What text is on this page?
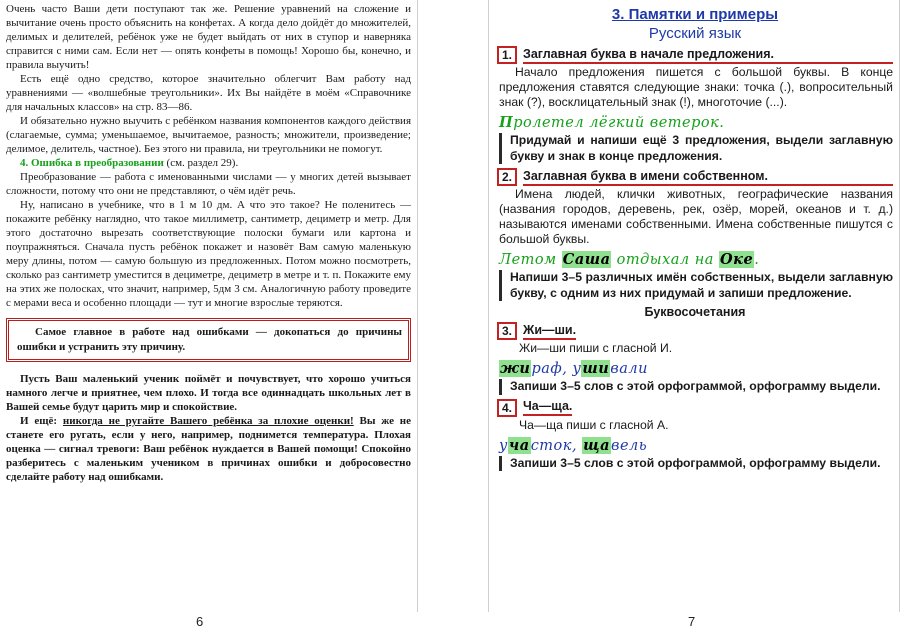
Очень часто Ваши дети поступают так же. Решение уравнений на сложение и вычитание очень просто объяснить на конфетах. А когда дело дойдёт до множителей, делимых и делителей, ребёнок уже не будет выйдать от них в ступор и наверняка справится с ними сам. Если нет — опять конфеты в помощь! Хорошо бы, конечно, и правила выучить!

Есть ещё одно средство, которое значительно облегчит Вам работу над уравнениями — «волшебные треугольники». Их Вы найдёте в моём «Справочнике для начальных классов» на стр. 83—86.

И обязательно нужно выучить с ребёнком названия компонентов каждого действия (слагаемые, сумма; уменьшаемое, вычитаемое, разность; множители, произведение; делимое, делитель, частное). Без этого ни правила, ни треугольники не помогут.

4. Ошибка в преобразовании (см. раздел 29).

Преобразование — работа с именованными числами — у многих детей вызывает сложности, потому что они не представляют, о чём идёт речь.

Ну, написано в учебнике, что в 1 м 10 дм. А что это такое? Не поленитесь — покажите ребёнку наглядно, что такое миллиметр, сантиметр, дециметр и метр. Для этого достаточно вырезать соответствующие полоски бумаги или картона и поупражняться. Сначала пусть ребёнок покажет и назовёт Вам самую маленькую меру длины, потом — самую большую из предложенных. Потом можно посмотреть, сколько раз сантиметр уместится в дециметре, дециметр в метре и т. п. Покажите ему на этих же полосках, что значит, например, 5дм 3 см. Аналогичную работу проведите с мерами веса и особенно площади — тут и многие взрослые теряются.

Самое главное в работе над ошибками — докопаться до причины ошибки и устранить эту причину.

Пусть Ваш маленький ученик поймёт и почувствует, что хорошо учиться намного легче и приятнее, чем плохо. И тогда все одиннадцать школьных лет в Вашей семье будут царить мир и спокойствие.

И ещё: никогда не ругайте Вашего ребёнка за плохие оценки! Вы же не станете его ругать, если у него, например, поднимется температура. Плохая оценка — сигнал тревоги: Ваш ребёнок нуждается в Вашей помощи! Спокойно разберитесь с маленьким учеником в причинах ошибки и добросовестно сделайте работу над ошибками.

6
3. Памятки и примеры
Русский язык
1. Заглавная буква в начале предложения.

Начало предложения пишется с большой буквы. В конце предложения ставятся следующие знаки: точка (.), вопросительный знак (?), восклицательный знак (!), многоточие (...).

Пролетел лёгкий ветерок.
Придумай и напиши ещё 3 предложения, выдели заглавную букву и знак в конце предложения.
2. Заглавная буква в имени собственном.

Имена людей, клички животных, географические названия (названия городов, деревень, рек, озёр, морей, океанов и т. д.) называются именами собственными. Имена собственные пишутся с большой буквы.

Летом Саша отдыхал на Оке.
Напиши 3–5 различных имён собственных, выдели заглавную букву, с одним из них придумай и запиши предложение.
Буквосочетания
3. Жи—ши.

Жи—ши пиши с гласной И.

жираф, ушивали
Запиши 3–5 слов с этой орфограммой, орфограмму выдели.
4. Ча—ща.

Ча—ща пиши с гласной А.

участок, щавель
Запиши 3–5 слов с этой орфограммой, орфограмму выдели.
7
